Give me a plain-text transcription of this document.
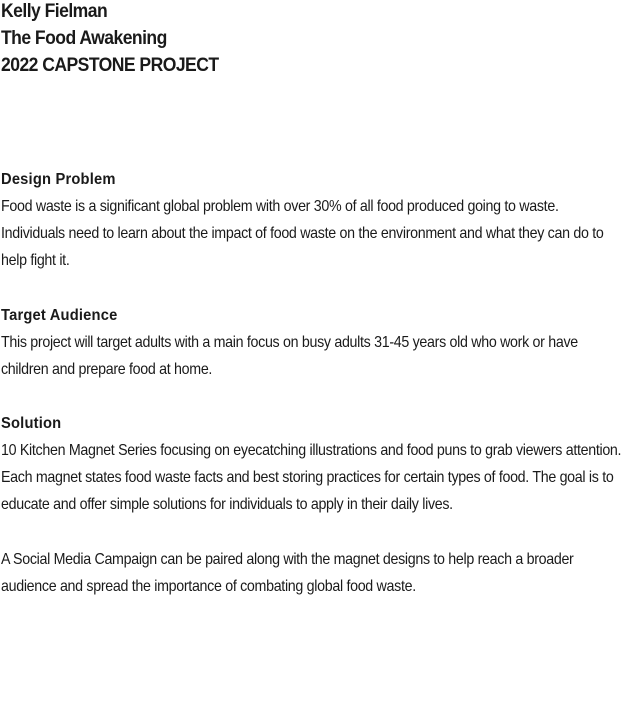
Kelly Fielman
The Food Awakening
2022 CAPSTONE PROJECT
Design Problem

Food waste is a significant global problem with over 30% of all food produced going to waste. Individuals need to learn about the impact of food waste on the environment and what they can do to help fight it.

Target Audience

This project will target adults with a main focus on busy adults 31-45 years old who work or have children and prepare food at home.

Solution

10 Kitchen Magnet Series focusing on eyecatching illustrations and food puns to grab viewers attention. Each magnet states food waste facts and best storing practices for certain types of food. The goal is to educate and offer simple solutions for individuals to apply in their daily lives.

A Social Media Campaign can be paired along with the magnet designs to help reach a broader audience and spread the importance of combating global food waste.
